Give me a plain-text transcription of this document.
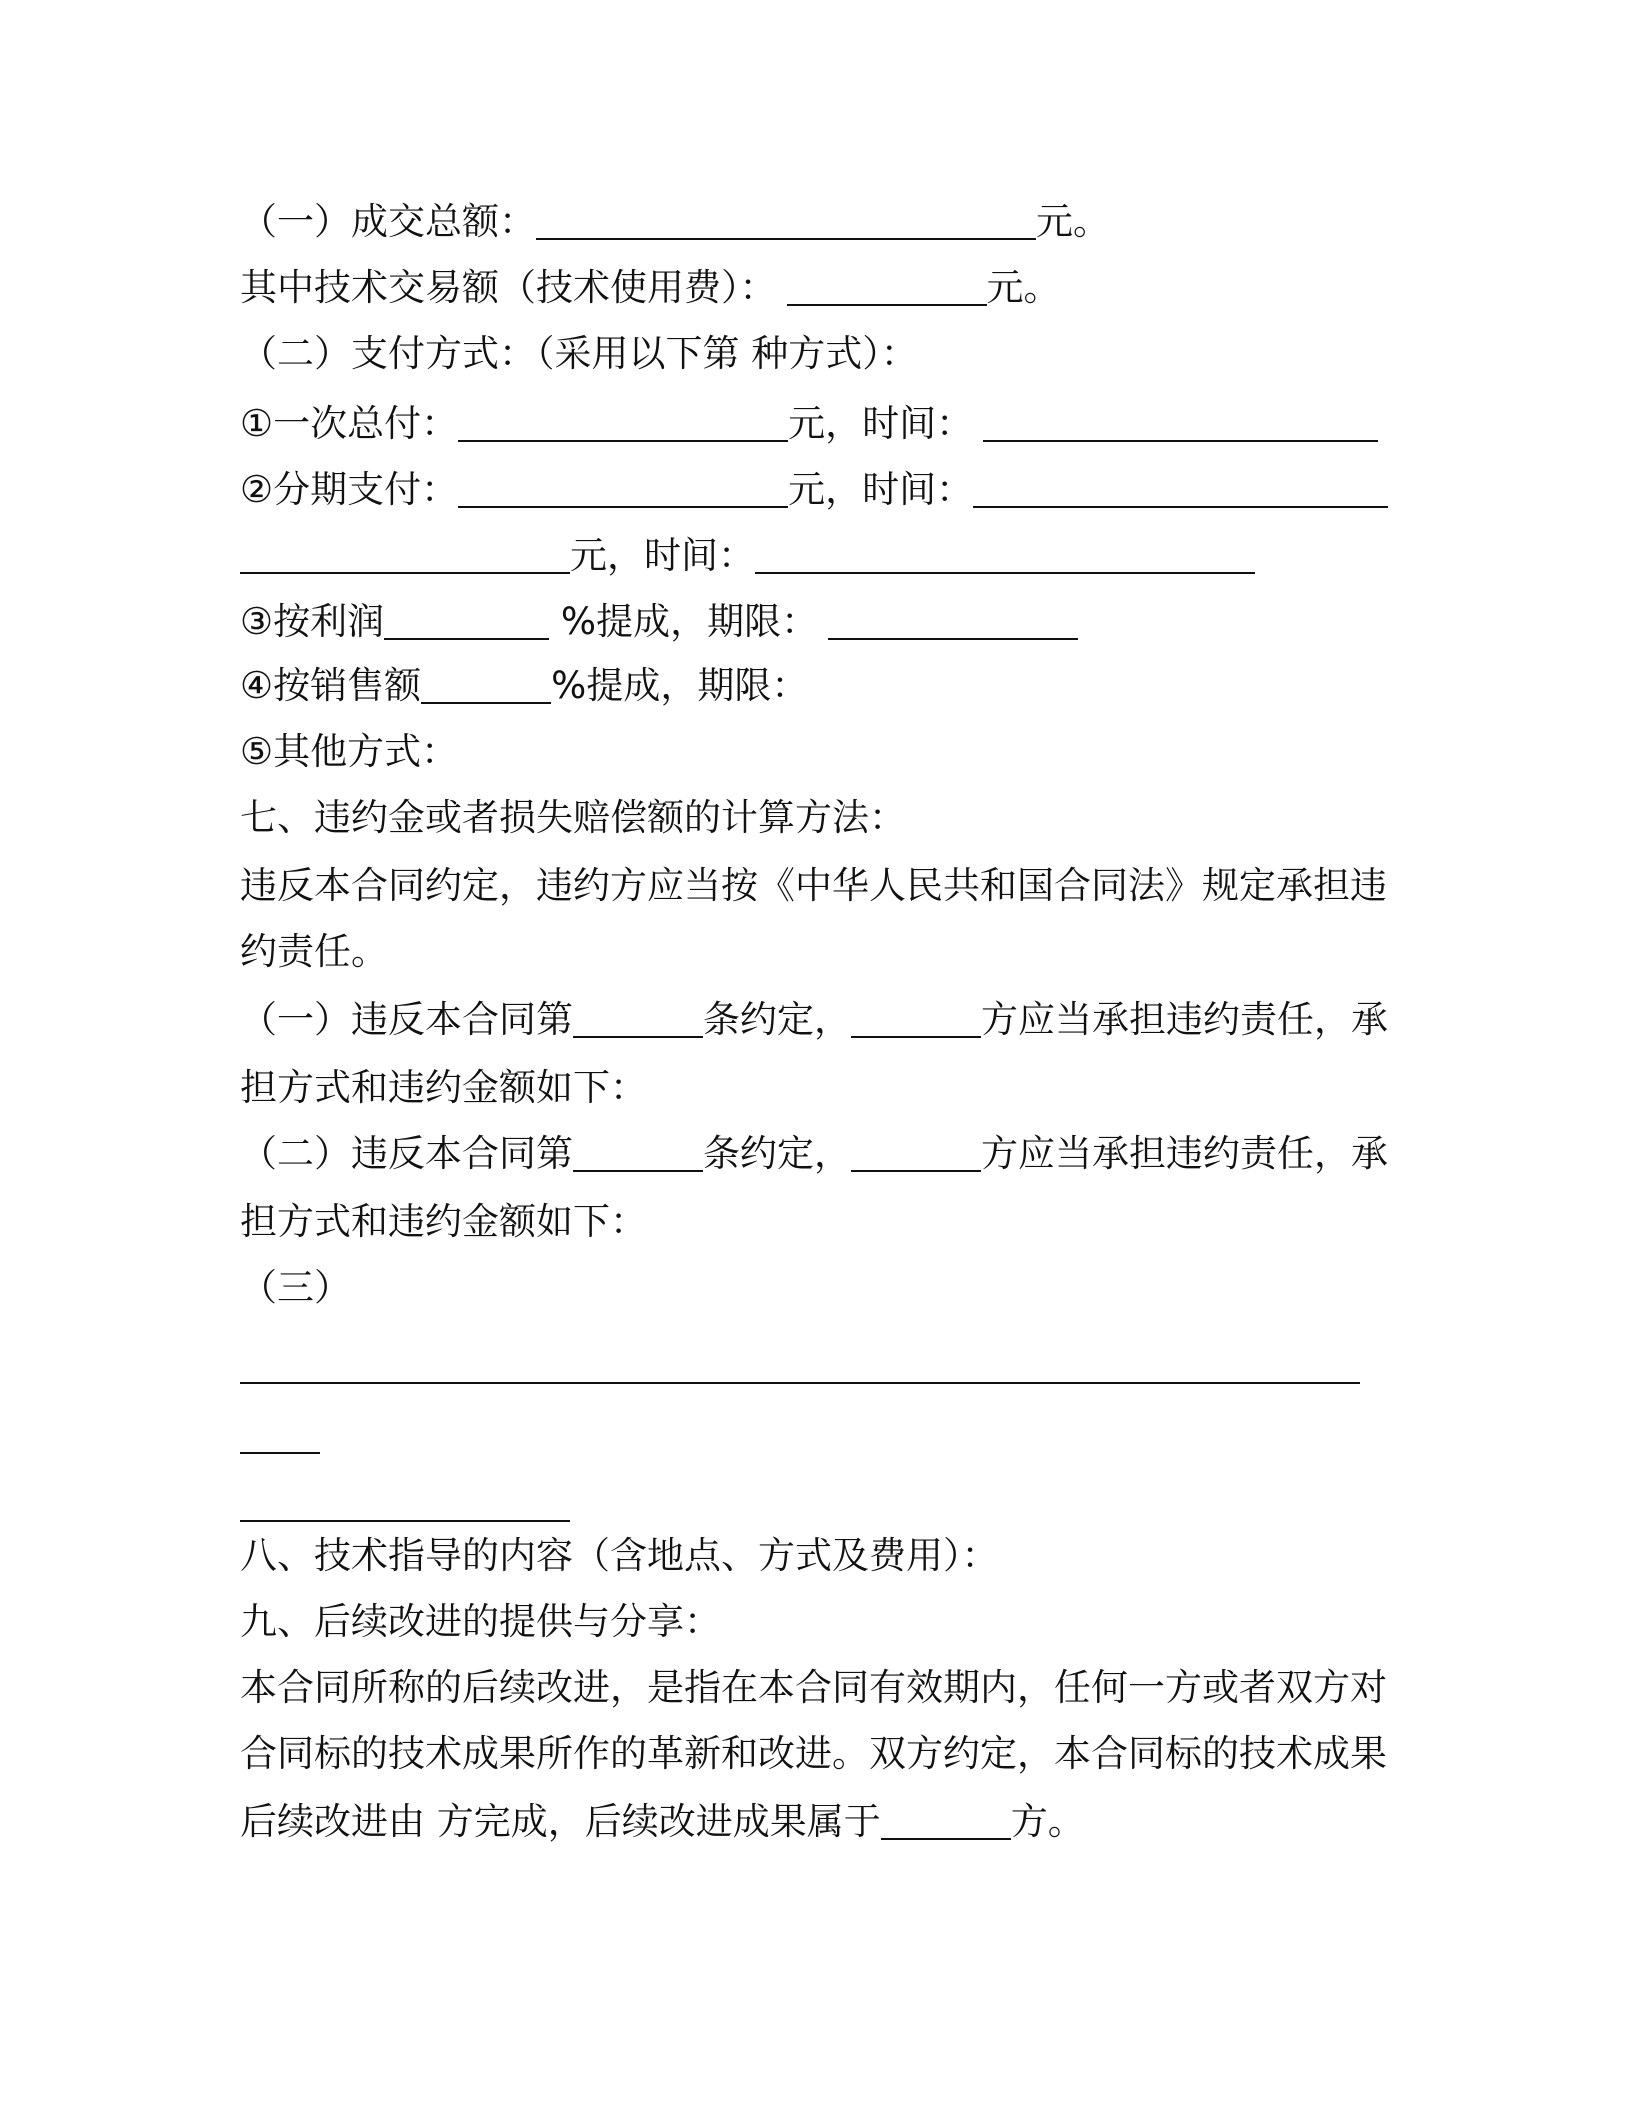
（一）成交总额：	元。
其中技术交易额（技术使用费）：	元。
（二）支付方式：（采用以下第 种方式）：
①一次总付：	元，时间：
②分期支付：	元，时间：
元，时间：
③按利润	%提成，期限：
④按销售额	%提成，期限：
⑤其他方式：
七、违约金或者损失赔偿额的计算方法：
违反本合同约定，违约方应当按《中华人民共和国合同法》规定承担违
约责任。
（一）违反本合同第	条约定，	方应当承担违约责任，承
担方式和违约金额如下：
（二）违反本合同第	条约定，	方应当承担违约责任，承
担方式和违约金额如下：
（三）
八、技术指导的内容（含地点、方式及费用）：
九、后续改进的提供与分享：
本合同所称的后续改进，是指在本合同有效期内，任何一方或者双方对
合同标的技术成果所作的革新和改进。双方约定，本合同标的技术成果
后续改进由 方完成，后续改进成果属于	方。
